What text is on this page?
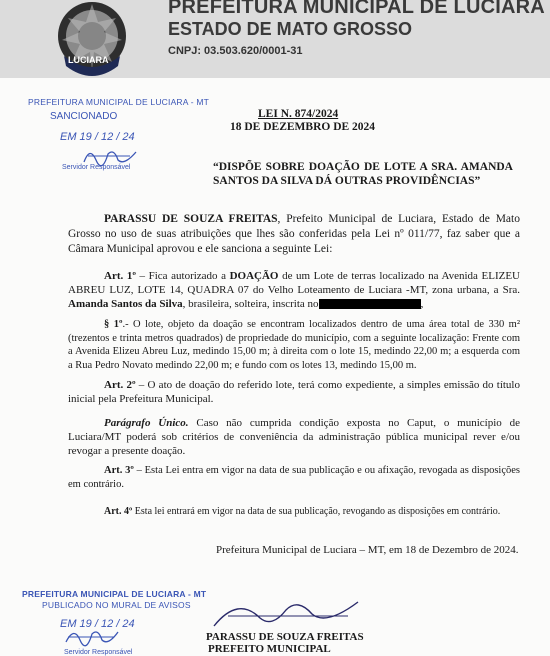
LUCIARA
PREFEITURA MUNICIPAL DE LUCIARA
ESTADO DE MATO GROSSO
CNPJ: 03.503.620/0001-31
PREFEITURA MUNICIPAL DE LUCIARA - MT
SANCIONADO
EM 19 / 12 / 24
Servidor Responsável
LEI N. 874/2024
18 DE DEZEMBRO DE 2024
“DISPÕE SOBRE DOAÇÃO DE LOTE A SRA. AMANDA SANTOS DA SILVA DÁ OUTRAS PROVIDÊNCIAS”
PARASSU DE SOUZA FREITAS, Prefeito Municipal de Luciara, Estado de Mato Grosso no uso de suas atribuições que lhes são conferidas pela Lei nº 011/77, faz saber que a Câmara Municipal aprovou e ele sanciona a seguinte Lei:
Art. 1º – Fica autorizado a DOAÇÃO de um Lote de terras localizado na Avenida ELIZEU ABREU LUZ, LOTE 14, QUADRA 07 do Velho Loteamento de Luciara -MT, zona urbana, a Sra. Amanda Santos da Silva, brasileira, solteira, inscrita no	,
§ 1º.- O lote, objeto da doação se encontram localizados dentro de uma área total de 330 m² (trezentos e trinta metros quadrados) de propriedade do município, com a seguinte localização: Frente com a Avenida Elizeu Abreu Luz, medindo 15,00 m; à direita com o lote 15, medindo 22,00 m; a esquerda com a Rua Pedro Novato medindo 22,00 m; e fundo com os lotes 13, medindo 15,00 m.
Art. 2º – O ato de doação do referido lote, terá como expediente, a simples emissão do título inicial pela Prefeitura Municipal.
Parágrafo Único. Caso não cumprida condição exposta no Caput, o município de Luciara/MT poderá sob critérios de conveniência da administração pública municipal rever e/ou revogar a presente doação.
Art. 3º – Esta Lei entra em vigor na data de sua publicação e ou afixação, revogada as disposições em contrário.
Art. 4º Esta lei entrará em vigor na data de sua publicação, revogando as disposições em contrário.
Prefeitura Municipal de Luciara – MT, em 18 de Dezembro de 2024.
PREFEITURA MUNICIPAL DE LUCIARA - MT
PUBLICADO NO MURAL DE AVISOS
EM 19 / 12 / 24
Servidor Responsável
PARASSU DE SOUZA FREITAS
PREFEITO MUNICIPAL
